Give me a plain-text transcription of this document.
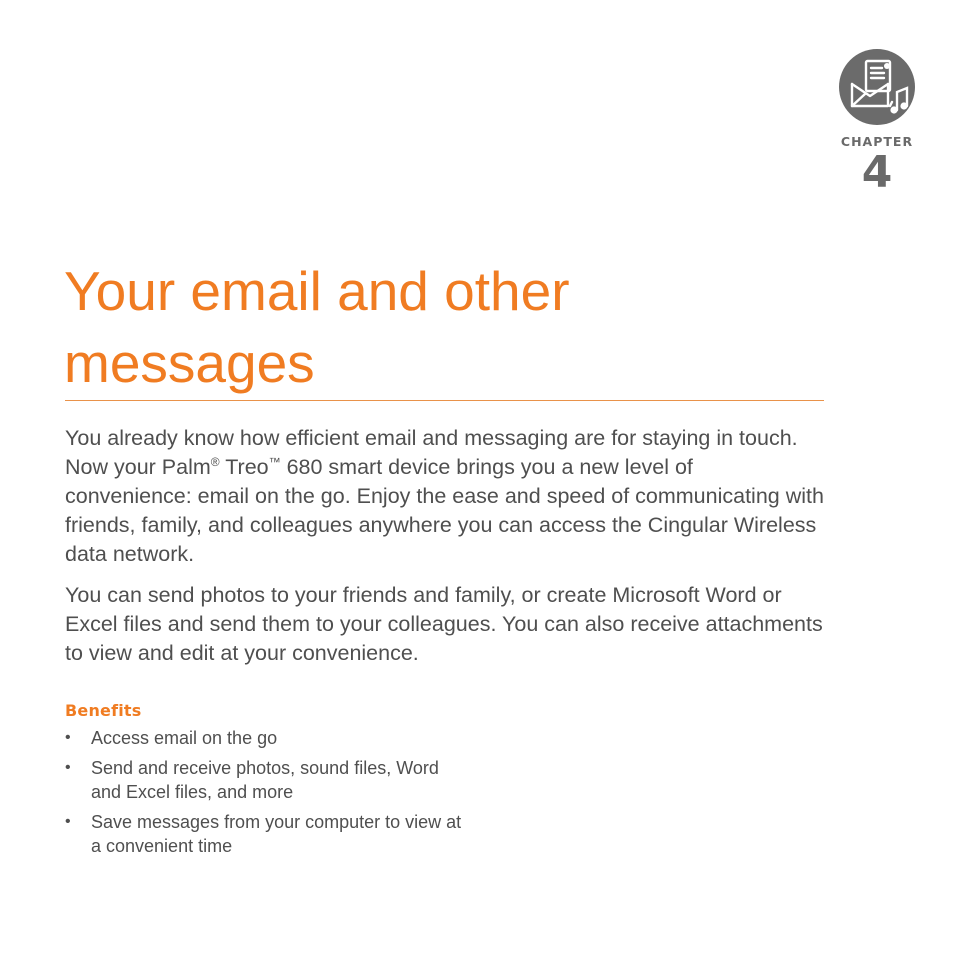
CHAPTER
4
Your email and other
messages

You already know how efficient email and messaging are for staying in touch. Now your Palm® Treo™ 680 smart device brings you a new level of convenience: email on the go. Enjoy the ease and speed of communicating with friends, family, and colleagues anywhere you can access the Cingular Wireless data network.

You can send photos to your friends and family, or create Microsoft Word or Excel files and send them to your colleagues. You can also receive attachments to view and edit at your convenience.

Benefits
• Access email on the go
• Send and receive photos, sound files, Word and Excel files, and more
• Save messages from your computer to view at a convenient time
